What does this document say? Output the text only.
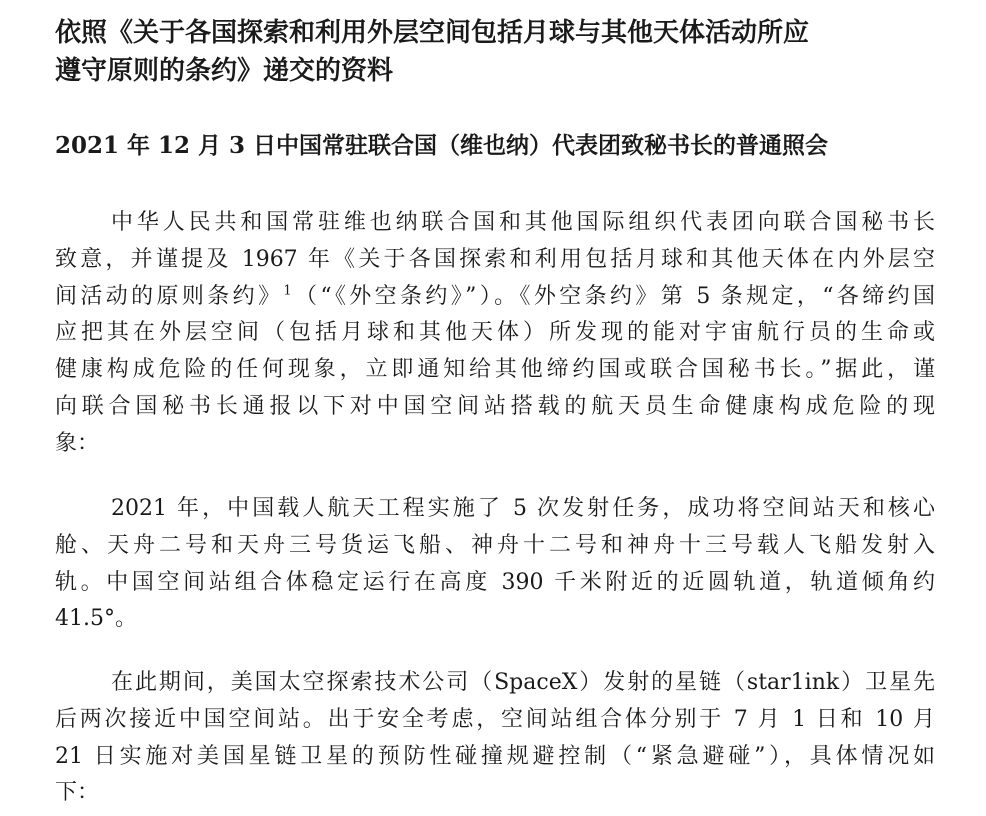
依照《关于各国探索和利用外层空间包括月球与其他天体活动所应
遵守原则的条约》递交的资料
2021 年 12 月 3 日中国常驻联合国（维也纳）代表团致秘书长的普通照会
中华人民共和国常驻维也纳联合国和其他国际组织代表团向联合国秘书长
致意，并谨提及 1967 年《关于各国探索和利用包括月球和其他天体在内外层空
间活动的原则条约》$^1$（“《外空条约》”）。《外空条约》第 5 条规定，“各缔约国
应把其在外层空间（包括月球和其他天体）所发现的能对宇宙航行员的生命或
健康构成危险的任何现象，立即通知给其他缔约国或联合国秘书长。”据此，谨
向联合国秘书长通报以下对中国空间站搭载的航天员生命健康构成危险的现
象：
2021 年，中国载人航天工程实施了 5 次发射任务，成功将空间站天和核心
舱、天舟二号和天舟三号货运飞船、神舟十二号和神舟十三号载人飞船发射入
轨。中国空间站组合体稳定运行在高度 390 千米附近的近圆轨道，轨道倾角约
41.5°。
在此期间，美国太空探索技术公司（SpaceX）发射的星链（star1ink）卫星先
后两次接近中国空间站。出于安全考虑，空间站组合体分别于 7 月 1 日和 10 月
21 日实施对美国星链卫星的预防性碰撞规避控制（“紧急避碰”），具体情况如
下：
